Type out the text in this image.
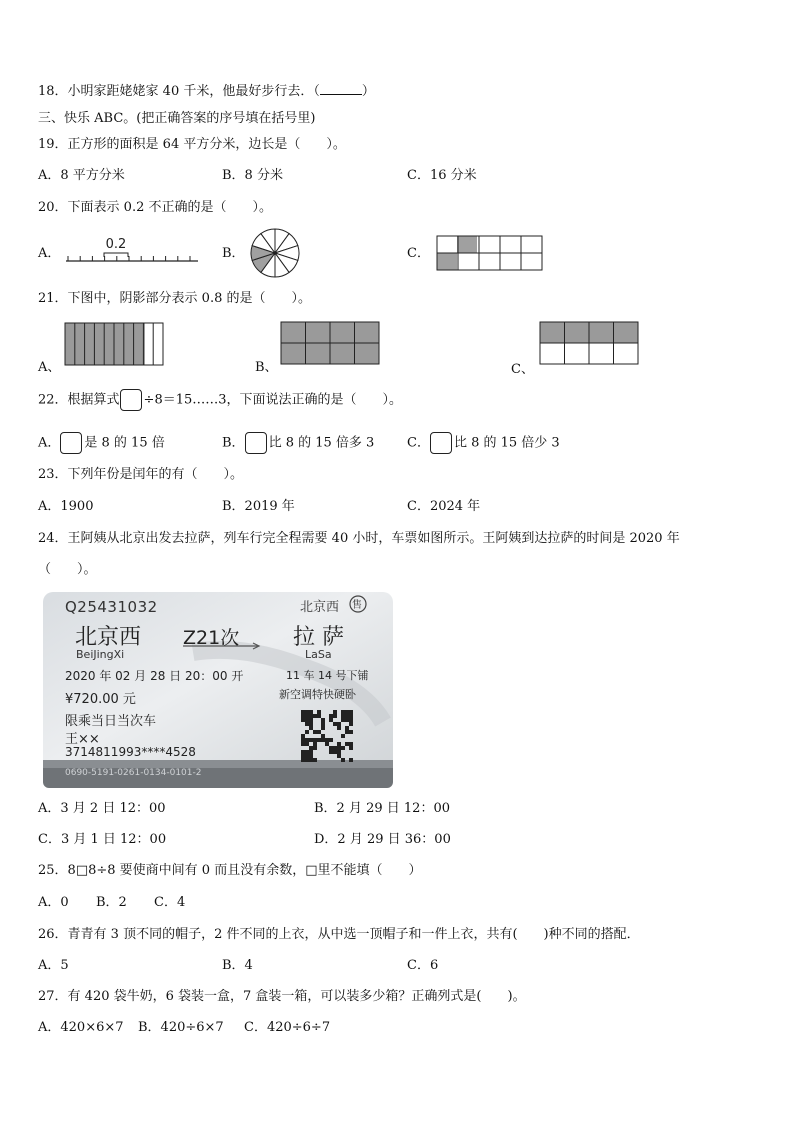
18．小明家距姥姥家 40 千米，他最好步行去．（	）
三、快乐 ABC。(把正确答案的序号填在括号里)
19．正方形的面积是 64 平方分米，边长是（　　）。
A．8 平方分米	B．8 分米	C．16 分米
20．下面表示 0.2 不正确的是（　　）。
A．
0.2
B．	C．
21．下图中，阴影部分表示 0.8 的是（　　）。
A、	B、	C、
22．根据算式 ÷8＝15……3，下面说法正确的是（　　）。
A． 是 8 的 15 倍	B． 比 8 的 15 倍多 3	C． 比 8 的 15 倍少 3
23．下列年份是闰年的有（　　）。
A．1900	B．2019 年	C．2024 年
24．王阿姨从北京出发去拉萨，列车行完全程需要 40 小时，车票如图所示。王阿姨到达拉萨的时间是 2020 年
（　　）。
Q25431032	北京西 售
北京西
BeiJingXi
Z21次 拉 萨
LaSa
2020 年 02 月 28 日 20：00 开	11 车 14 号下铺
¥720.00 元	新空调特快硬卧
限乘当日当次车
王××
3714811993****4528
0690-5191-0261-0134-0101-2
A．3 月 2 日 12：00	B．2 月 29 日 12：00
C．3 月 1 日 12：00	D．2 月 29 日 36：00
25．8□8÷8 要使商中间有 0 而且没有余数，□里不能填（　　）
A．0 B．2 C．4
26．青青有 3 顶不同的帽子，2 件不同的上衣，从中选一顶帽子和一件上衣，共有(　　)种不同的搭配．
A．5	B．4	C．6
27．有 420 袋牛奶，6 袋装一盒，7 盒装一箱，可以装多少箱？正确列式是(　　)。
A．420×6×7 B．420÷6×7 C．420÷6÷7
